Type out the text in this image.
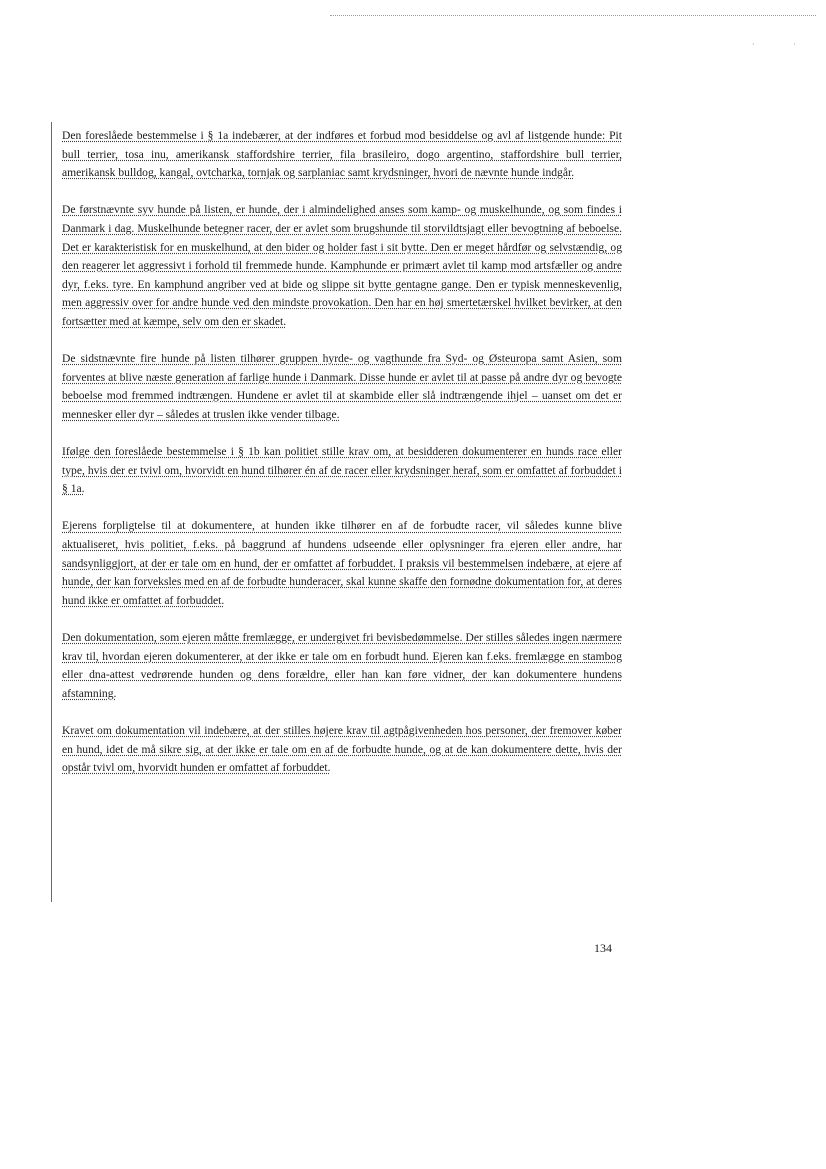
· ·

Den foreslåede bestemmelse i § 1a indebærer, at der indføres et forbud mod besiddelse og avl af listgende hunde: Pit bull terrier, tosa inu, amerikansk staffordshire terrier, fila brasileiro, dogo argentino, staffordshire bull terrier, amerikansk bulldog, kangal, ovtcharka, tornjak og sarplaniac samt krydsninger, hvori de nævnte hunde indgår.

De førstnævnte syv hunde på listen, er hunde, der i almindelighed anses som kamp- og muskelhunde, og som findes i Danmark i dag. Muskelhunde betegner racer, der er avlet som brugshunde til storvildtsjagt eller bevogtning af beboelse. Det er karakteristisk for en muskelhund, at den bider og holder fast i sit bytte. Den er meget hårdfør og selvstændig, og den reagerer let aggressivt i forhold til fremmede hunde. Kamphunde er primært avlet til kamp mod artsfæller og andre dyr, f.eks. tyre. En kamphund angriber ved at bide og slippe sit bytte gentagne gange. Den er typisk menneskevenlig, men aggressiv over for andre hunde ved den mindste provokation. Den har en høj smertetærskel hvilket bevirker, at den fortsætter med at kæmpe, selv om den er skadet.

De sidstnævnte fire hunde på listen tilhører gruppen hyrde- og vagthunde fra Syd- og Østeuropa samt Asien, som forventes at blive næste generation af farlige hunde i Danmark. Disse hunde er avlet til at passe på andre dyr og bevogte beboelse mod fremmed indtrængen. Hundene er avlet til at skambide eller slå indtrængende ihjel – uanset om det er mennesker eller dyr – således at truslen ikke vender tilbage.

Ifølge den foreslåede bestemmelse i § 1b kan politiet stille krav om, at besidderen dokumenterer en hunds race eller type, hvis der er tvivl om, hvorvidt en hund tilhører én af de racer eller krydsninger heraf, som er omfattet af forbuddet i § 1a.

Ejerens forpligtelse til at dokumentere, at hunden ikke tilhører en af de forbudte racer, vil således kunne blive aktualiseret, hvis politiet, f.eks. på baggrund af hundens udseende eller oplysninger fra ejeren eller andre, har sandsynliggjort, at der er tale om en hund, der er omfattet af forbuddet. I praksis vil bestemmelsen indebære, at ejere af hunde, der kan forveksles med en af de forbudte hunderacer, skal kunne skaffe den fornødne dokumentation for, at deres hund ikke er omfattet af forbuddet.

Den dokumentation, som ejeren måtte fremlægge, er undergivet fri bevisbedømmelse. Der stilles således ingen nærmere krav til, hvordan ejeren dokumenterer, at der ikke er tale om en forbudt hund. Ejeren kan f.eks. fremlægge en stambog eller dna-attest vedrørende hunden og dens forældre, eller han kan føre vidner, der kan dokumentere hundens afstamning.

Kravet om dokumentation vil indebære, at der stilles højere krav til agtpågivenheden hos personer, der fremover køber en hund, idet de må sikre sig, at der ikke er tale om en af de forbudte hunde, og at de kan dokumentere dette, hvis der opstår tvivl om, hvorvidt hunden er omfattet af forbuddet.

134
